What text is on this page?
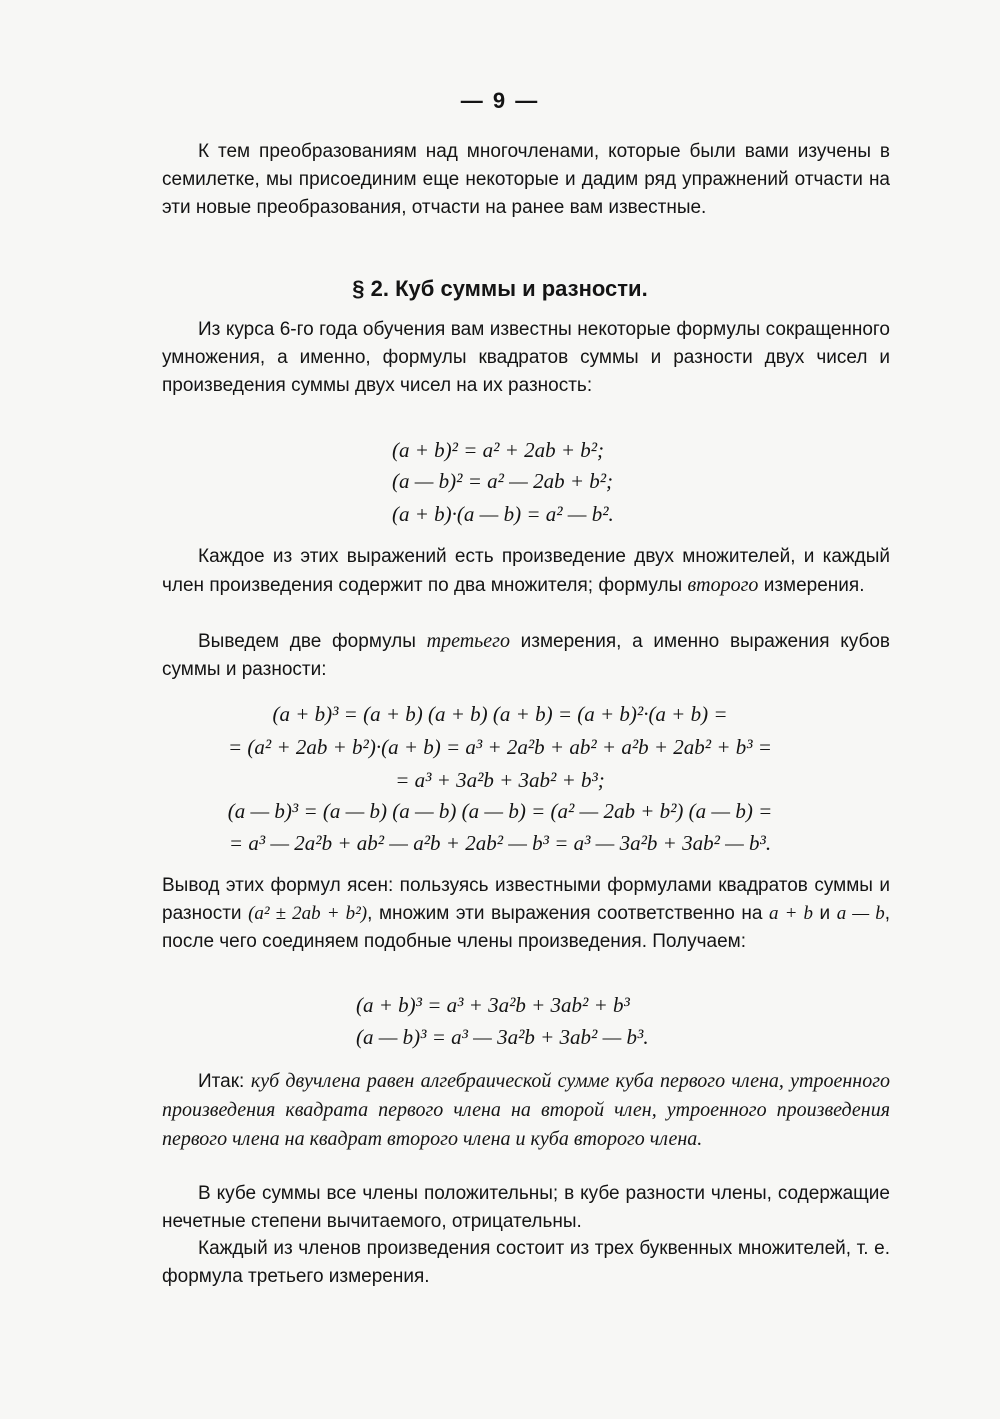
— 9 —

К тем преобразованиям над многочленами, которые были вами изучены в семилетке, мы присоединим еще некоторые и дадим ряд упражнений отчасти на эти новые преобразования, отчасти на ранее вам известные.

§ 2. Куб суммы и разности.

Из курса 6-го года обучения вам известны некоторые формулы сокращенного умножения, а именно, формулы квадратов суммы и разности двух чисел и произведения суммы двух чисел на их разность:

(a + b)² = a² + 2ab + b²;
(a — b)² = a² — 2ab + b²;
(a + b)·(a — b) = a² — b².

Каждое из этих выражений есть произведение двух множителей, и каждый член произведения содержит по два множителя; формулы второго измерения.

Выведем две формулы третьего измерения, а именно выражения кубов суммы и разности:

(a + b)³ = (a + b) (a + b) (a + b) = (a + b)²·(a + b) =
= (a² + 2ab + b²)·(a + b) = a³ + 2a²b + ab² + a²b + 2ab² + b³ =
= a³ + 3a²b + 3ab² + b³;
(a — b)³ = (a — b) (a — b) (a — b) = (a² — 2ab + b²) (a — b) =
= a³ — 2a²b + ab² — a²b + 2ab² — b³ = a³ — 3a²b + 3ab² — b³.

Вывод этих формул ясен: пользуясь известными формулами квадратов суммы и разности (a² ± 2ab + b²), множим эти выражения соответственно на a + b и a — b, после чего соединяем подобные члены произведения. Получаем:

(a + b)³ = a³ + 3a²b + 3ab² + b³
(a — b)³ = a³ — 3a²b + 3ab² — b³.

Итак: куб двучлена равен алгебраической сумме куба первого члена, утроенного произведения квадрата первого члена на второй член, утроенного произведения первого члена на квадрат второго члена и куба второго члена.

В кубе суммы все члены положительны; в кубе разности члены, содержащие нечетные степени вычитаемого, отрицательны.

Каждый из членов произведения состоит из трех буквенных множителей, т. е. формула третьего измерения.
